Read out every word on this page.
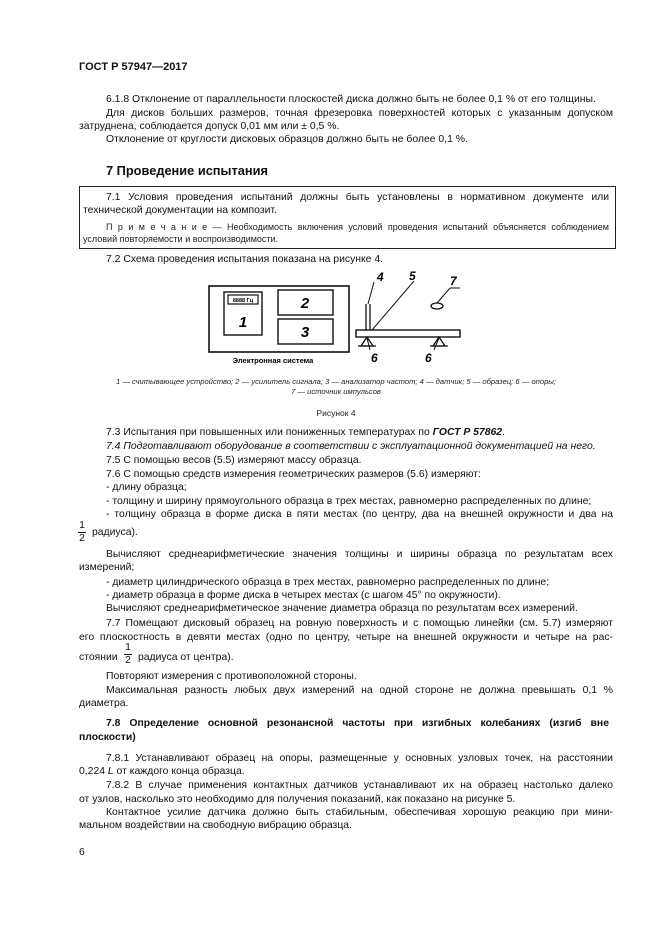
ГОСТ Р 57947—2017
6.1.8 Отклонение от параллельности плоскостей диска должно быть не более 0,1 % от его толщины.
Для дисков больших размеров, точная фрезеровка поверхностей которых с указанным допуском
затруднена, соблюдается допуск 0,01 мм или ± 0,5 %.
Отклонение от круглости дисковых образцов должно быть не более 0,1 %.
7 Проведение испытания
7.1 Условия проведения испытаний должны быть установлены в нормативном документе или
технической документации на композит.
П р и м е ч а н и е — Необходимость включения условий проведения испытаний объясняется соблюдением
условий повторяемости и воспроизводимости.
7.2 Схема проведения испытания показана на рисунке 4.
8888 Гц
1
2
3
Электронная система
4 5
6	6
7
1 — считывающее устройство; 2 — усилитель сигнала; 3 — анализатор частот; 4 — датчик; 5 — образец; 6 — опоры;
7 — источник импульсов
Рисунок 4
7.3 Испытания при повышенных или пониженных температурах по ГОСТ Р 57862.
7.4 Подготавливают оборудование в соответствии с эксплуатационной документацией на него.
7.5 С помощью весов (5.5) измеряют массу образца.
7.6 С помощью средств измерения геометрических размеров (5.6) измеряют:
- длину образца;
- толщину и ширину прямоугольного образца в трех местах, равномерно распределенных по длине;
- толщину образца в форме диска в пяти местах (по центру, два на внешней окружности и два на
1
2
радиуса).
Вычисляют среднеарифметические значения толщины и ширины образца по результатам всех
измерений;
- диаметр цилиндрического образца в трех местах, равномерно распределенных по длине;
- диаметр образца в форме диска в четырех местах (с шагом 45° по окружности).
Вычисляют среднеарифметическое значение диаметра образца по результатам всех измерений.
7.7 Помещают дисковый образец на ровную поверхность и с помощью линейки (см. 5.7) измеряют
его плоскостность в девяти местах (одно по центру, четыре на внешней окружности и четыре на рас-
стоянии
1
2 радиуса от центра).
Повторяют измерения с противоположной стороны.
Максимальная разность любых двух измерений на одной стороне не должна превышать 0,1 %
диаметра.
7.8 Определение основной резонансной частоты при изгибных колебаниях (изгиб вне
плоскости)
7.8.1 Устанавливают образец на опоры, размещенные у основных узловых точек, на расстоянии
0,224 L от каждого конца образца.
7.8.2 В случае применения контактных датчиков устанавливают их на образец настолько далеко
от узлов, насколько это необходимо для получения показаний, как показано на рисунке 5.
Контактное усилие датчика должно быть стабильным, обеспечивая хорошую реакцию при мини-
мальном воздействии на свободную вибрацию образца.
6
